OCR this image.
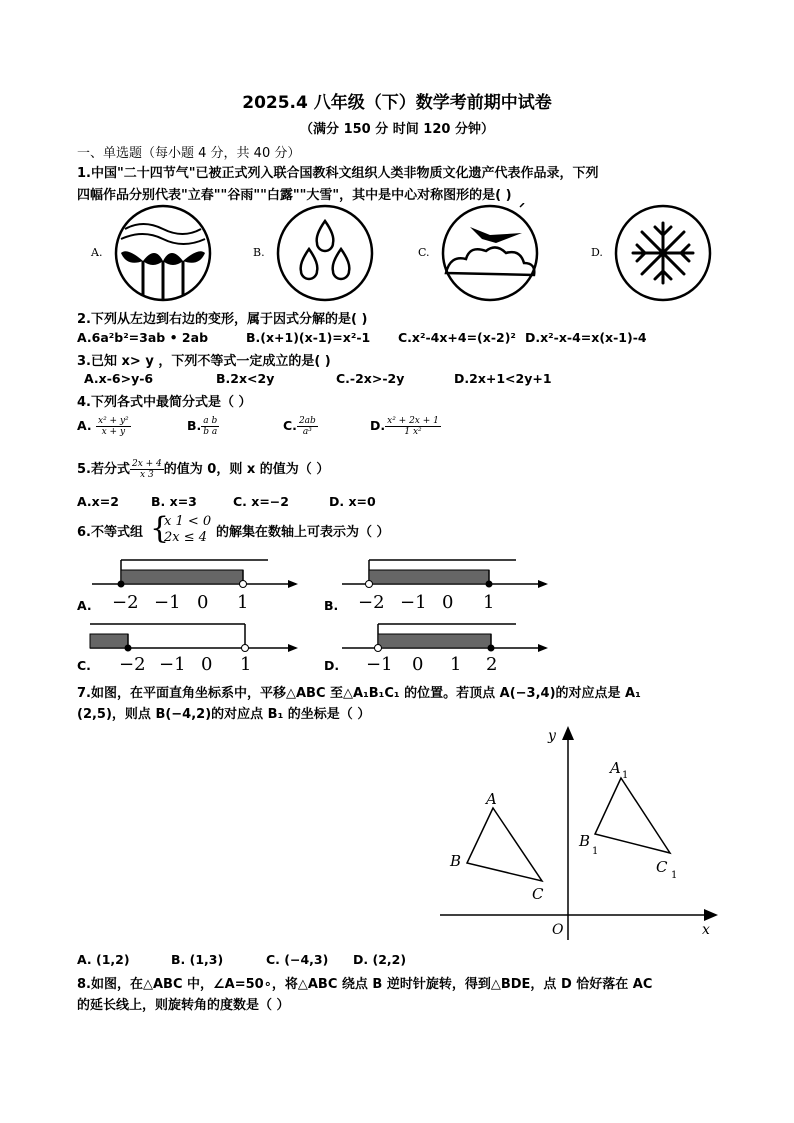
2025.4 八年级（下）数学考前期中试卷
（满分 150 分 时间 120 分钟）
一、单选题（每小题 4 分，共 40 分）
1.中国"二十四节气"已被正式列入联合国教科文组织人类非物质文化遗产代表作品录，下列
四幅作品分别代表"立春""谷雨""白露""大雪"，其中是中心对称图形的是( )
A.	B.	C.	D.
2.下列从左边到右边的变形，属于因式分解的是( )
A.6a²b²=3ab • 2ab	B.(x+1)(x-1)=x²-1 C.x²-4x+4=(x-2)² D.x²-x-4=x(x-1)-4
3.已知 x> y ，下列不等式一定成立的是( )
A.x-6>y-6	B.2x<2y	C.-2x>-2y	D.2x+1<2y+1
4.下列各式中最简分式是（ ）
A. $\frac{\text{x² + y²}}{x + y}$	B. $\frac{\text{a b}}{\text{b a}}$	C. $\frac{2ab}{\text{a³}}$	D. $\frac{\text{x² + 2x + 1}}{\text{1 x²}}$
5.若分式 $\frac{2x + 4}{x 3}$ 的值为 0，则 x 的值为（ ）
A.x=2	B. x=3	C. x=−2	D. x=0
6.不等式组 {
x 1 < 0
2x ≤ 4 的解集在数轴上可表示为（ ）
A. −2 −1 0 1	B. −2 −1 0 1
C. −2 −1 0 1	D. −1 0 1 2
7.如图，在平面直角坐标系中，平移△ABC 至△A₁B₁C₁ 的位置。若顶点 A(−3,4)的对应点是 A₁
(2,5)，则点 B(−4,2)的对应点 B₁ 的坐标是（ ）
y
x
O
A
B
C
A 1
B
1
C 1
A. (1,2)	B. (1,3)	C. (−4,3) D. (2,2)
8.如图，在△ABC 中，∠A=50∘，将△ABC 绕点 B 逆时针旋转，得到△BDE，点 D 恰好落在 AC
的延长线上，则旋转角的度数是（ ）
